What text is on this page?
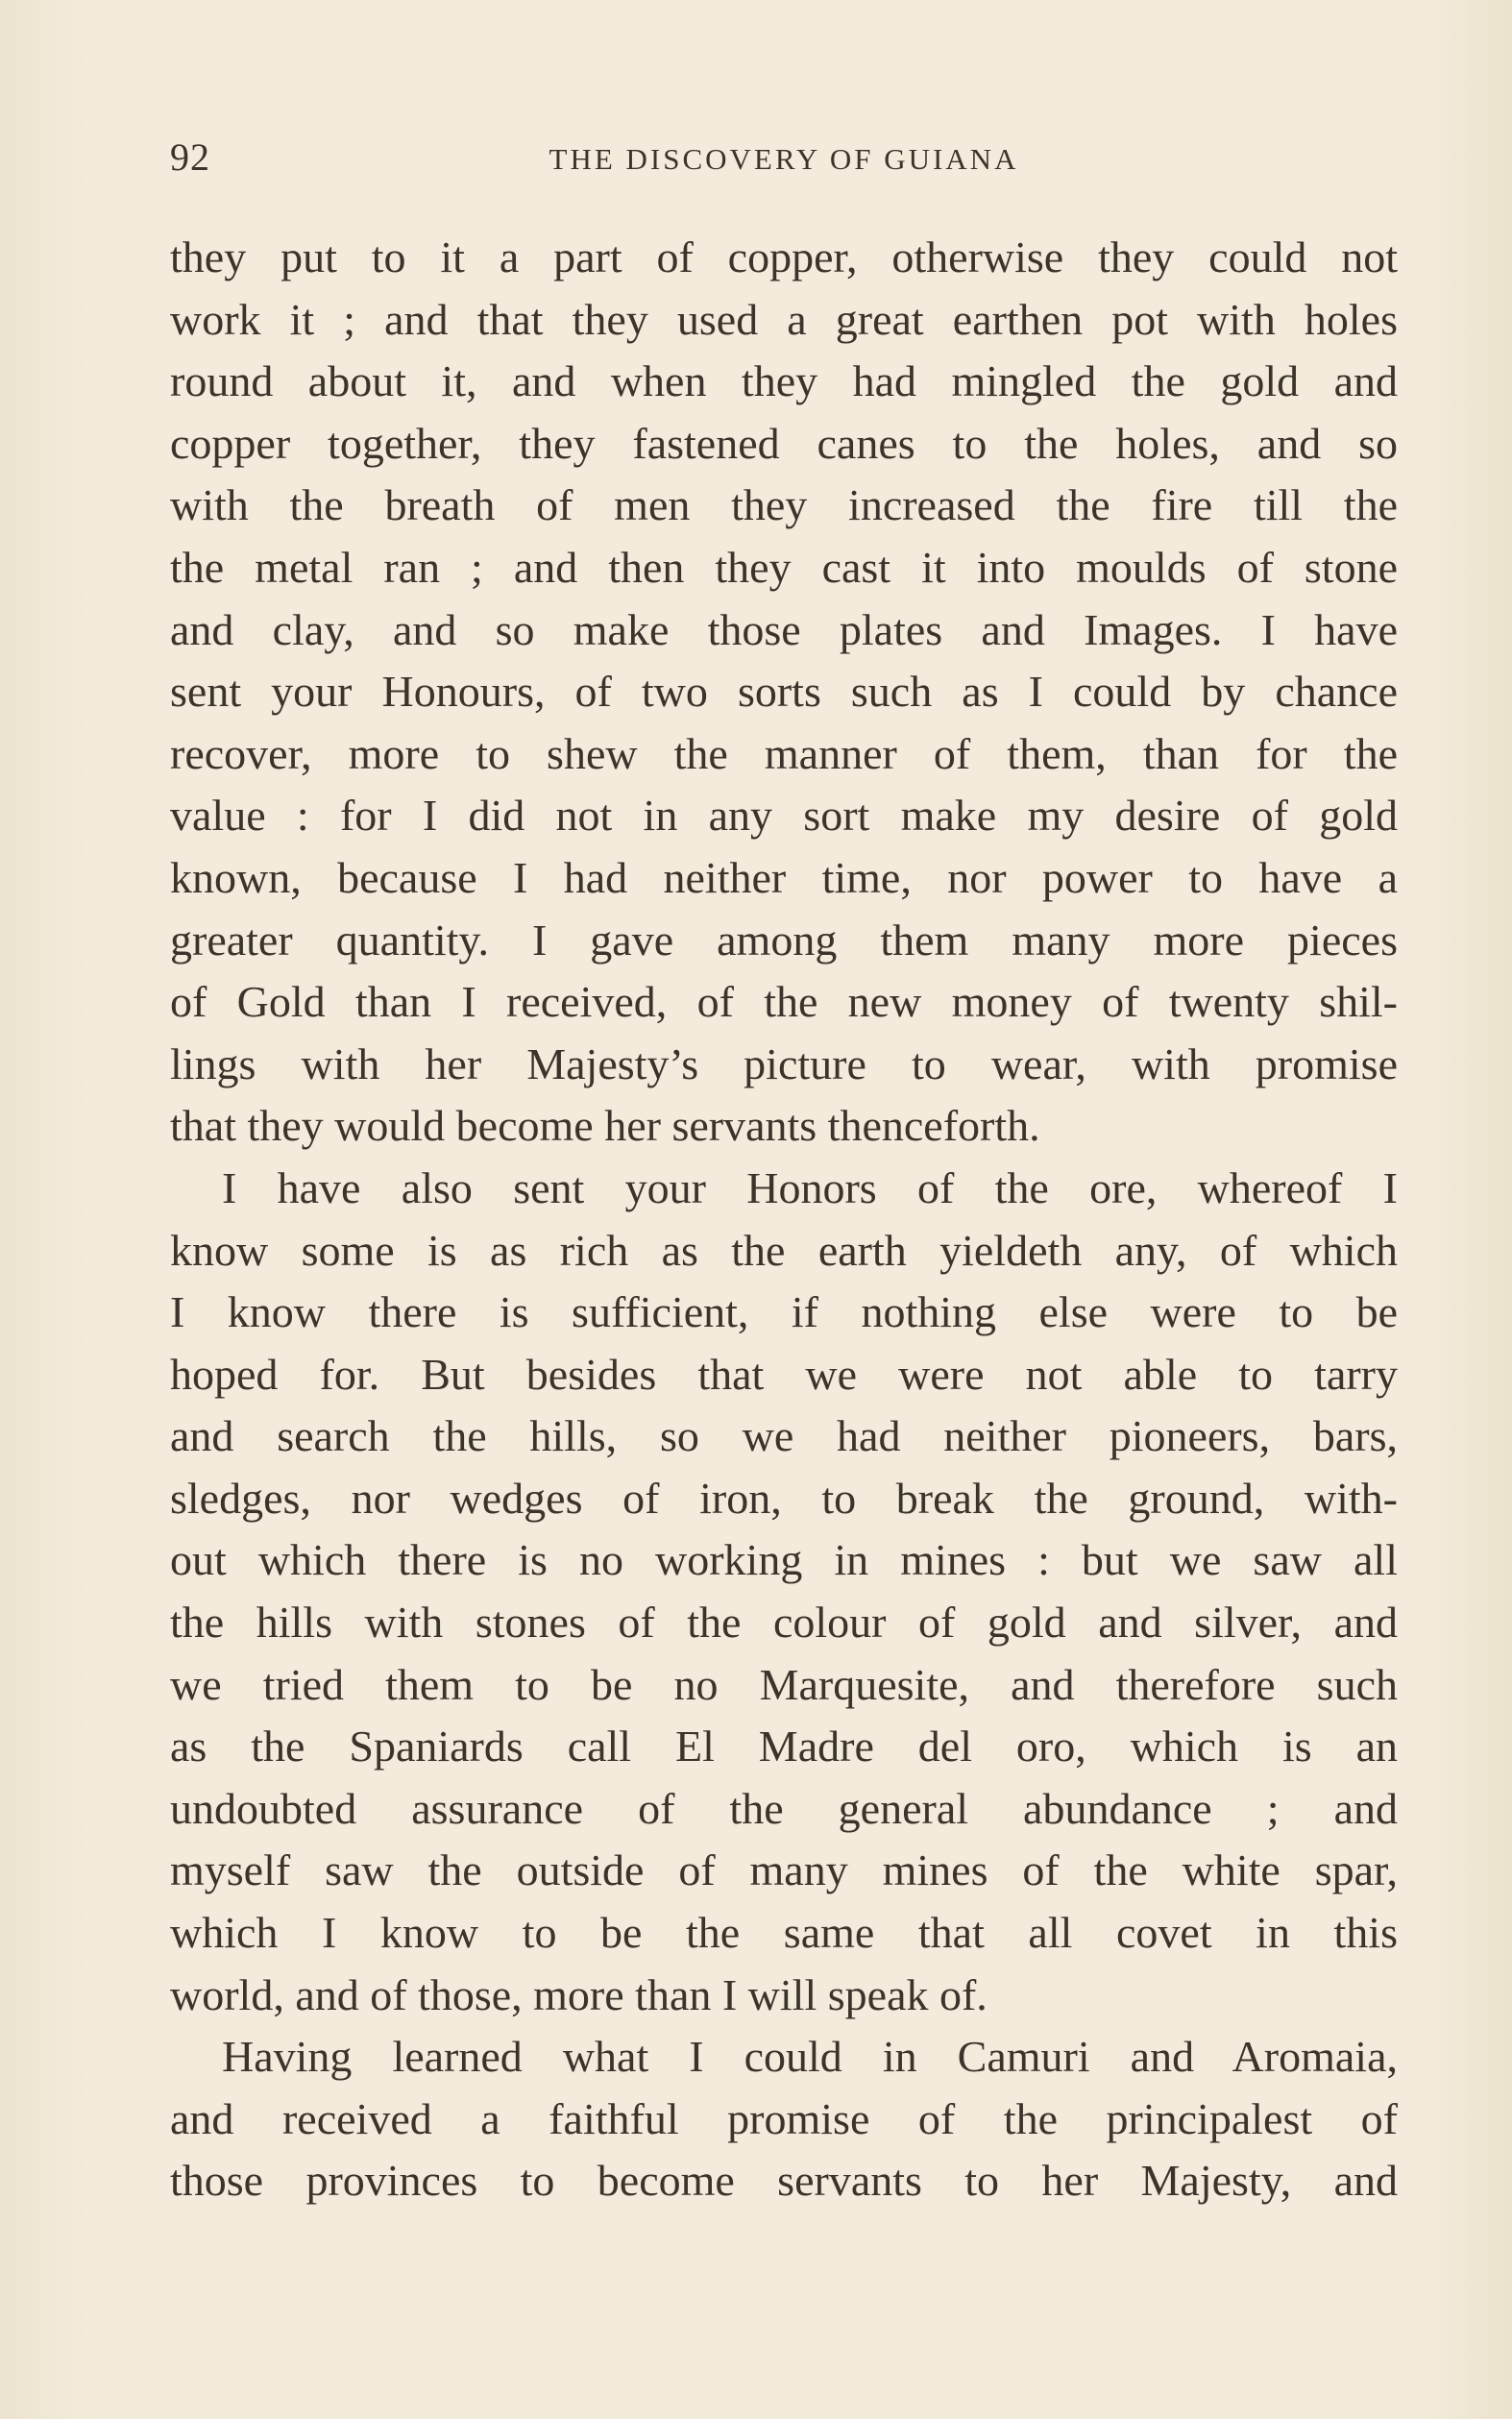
92	THE DISCOVERY OF GUIANA
they put to it a part of copper, otherwise they could not
work it ; and that they used a great earthen pot with holes
round about it, and when they had mingled the gold and
copper together, they fastened canes to the holes, and so
with the breath of men they increased the fire till the
the metal ran ; and then they cast it into moulds of stone
and clay, and so make those plates and Images. I have
sent your Honours, of two sorts such as I could by chance
recover, more to shew the manner of them, than for the
value : for I did not in any sort make my desire of gold
known, because I had neither time, nor power to have a
greater quantity. I gave among them many more pieces
of Gold than I received, of the new money of twenty shil-
lings with her Majesty’s picture to wear, with promise
that they would become her servants thenceforth.
I have also sent your Honors of the ore, whereof I
know some is as rich as the earth yieldeth any, of which
I know there is sufficient, if nothing else were to be
hoped for. But besides that we were not able to tarry
and search the hills, so we had neither pioneers, bars,
sledges, nor wedges of iron, to break the ground, with-
out which there is no working in mines : but we saw all
the hills with stones of the colour of gold and silver, and
we tried them to be no Marquesite, and therefore such
as the Spaniards call El Madre del oro, which is an
undoubted assurance of the general abundance ; and
myself saw the outside of many mines of the white spar,
which I know to be the same that all covet in this
world, and of those, more than I will speak of.
Having learned what I could in Camuri and Aromaia,
and received a faithful promise of the principalest of
those provinces to become servants to her Majesty, and
